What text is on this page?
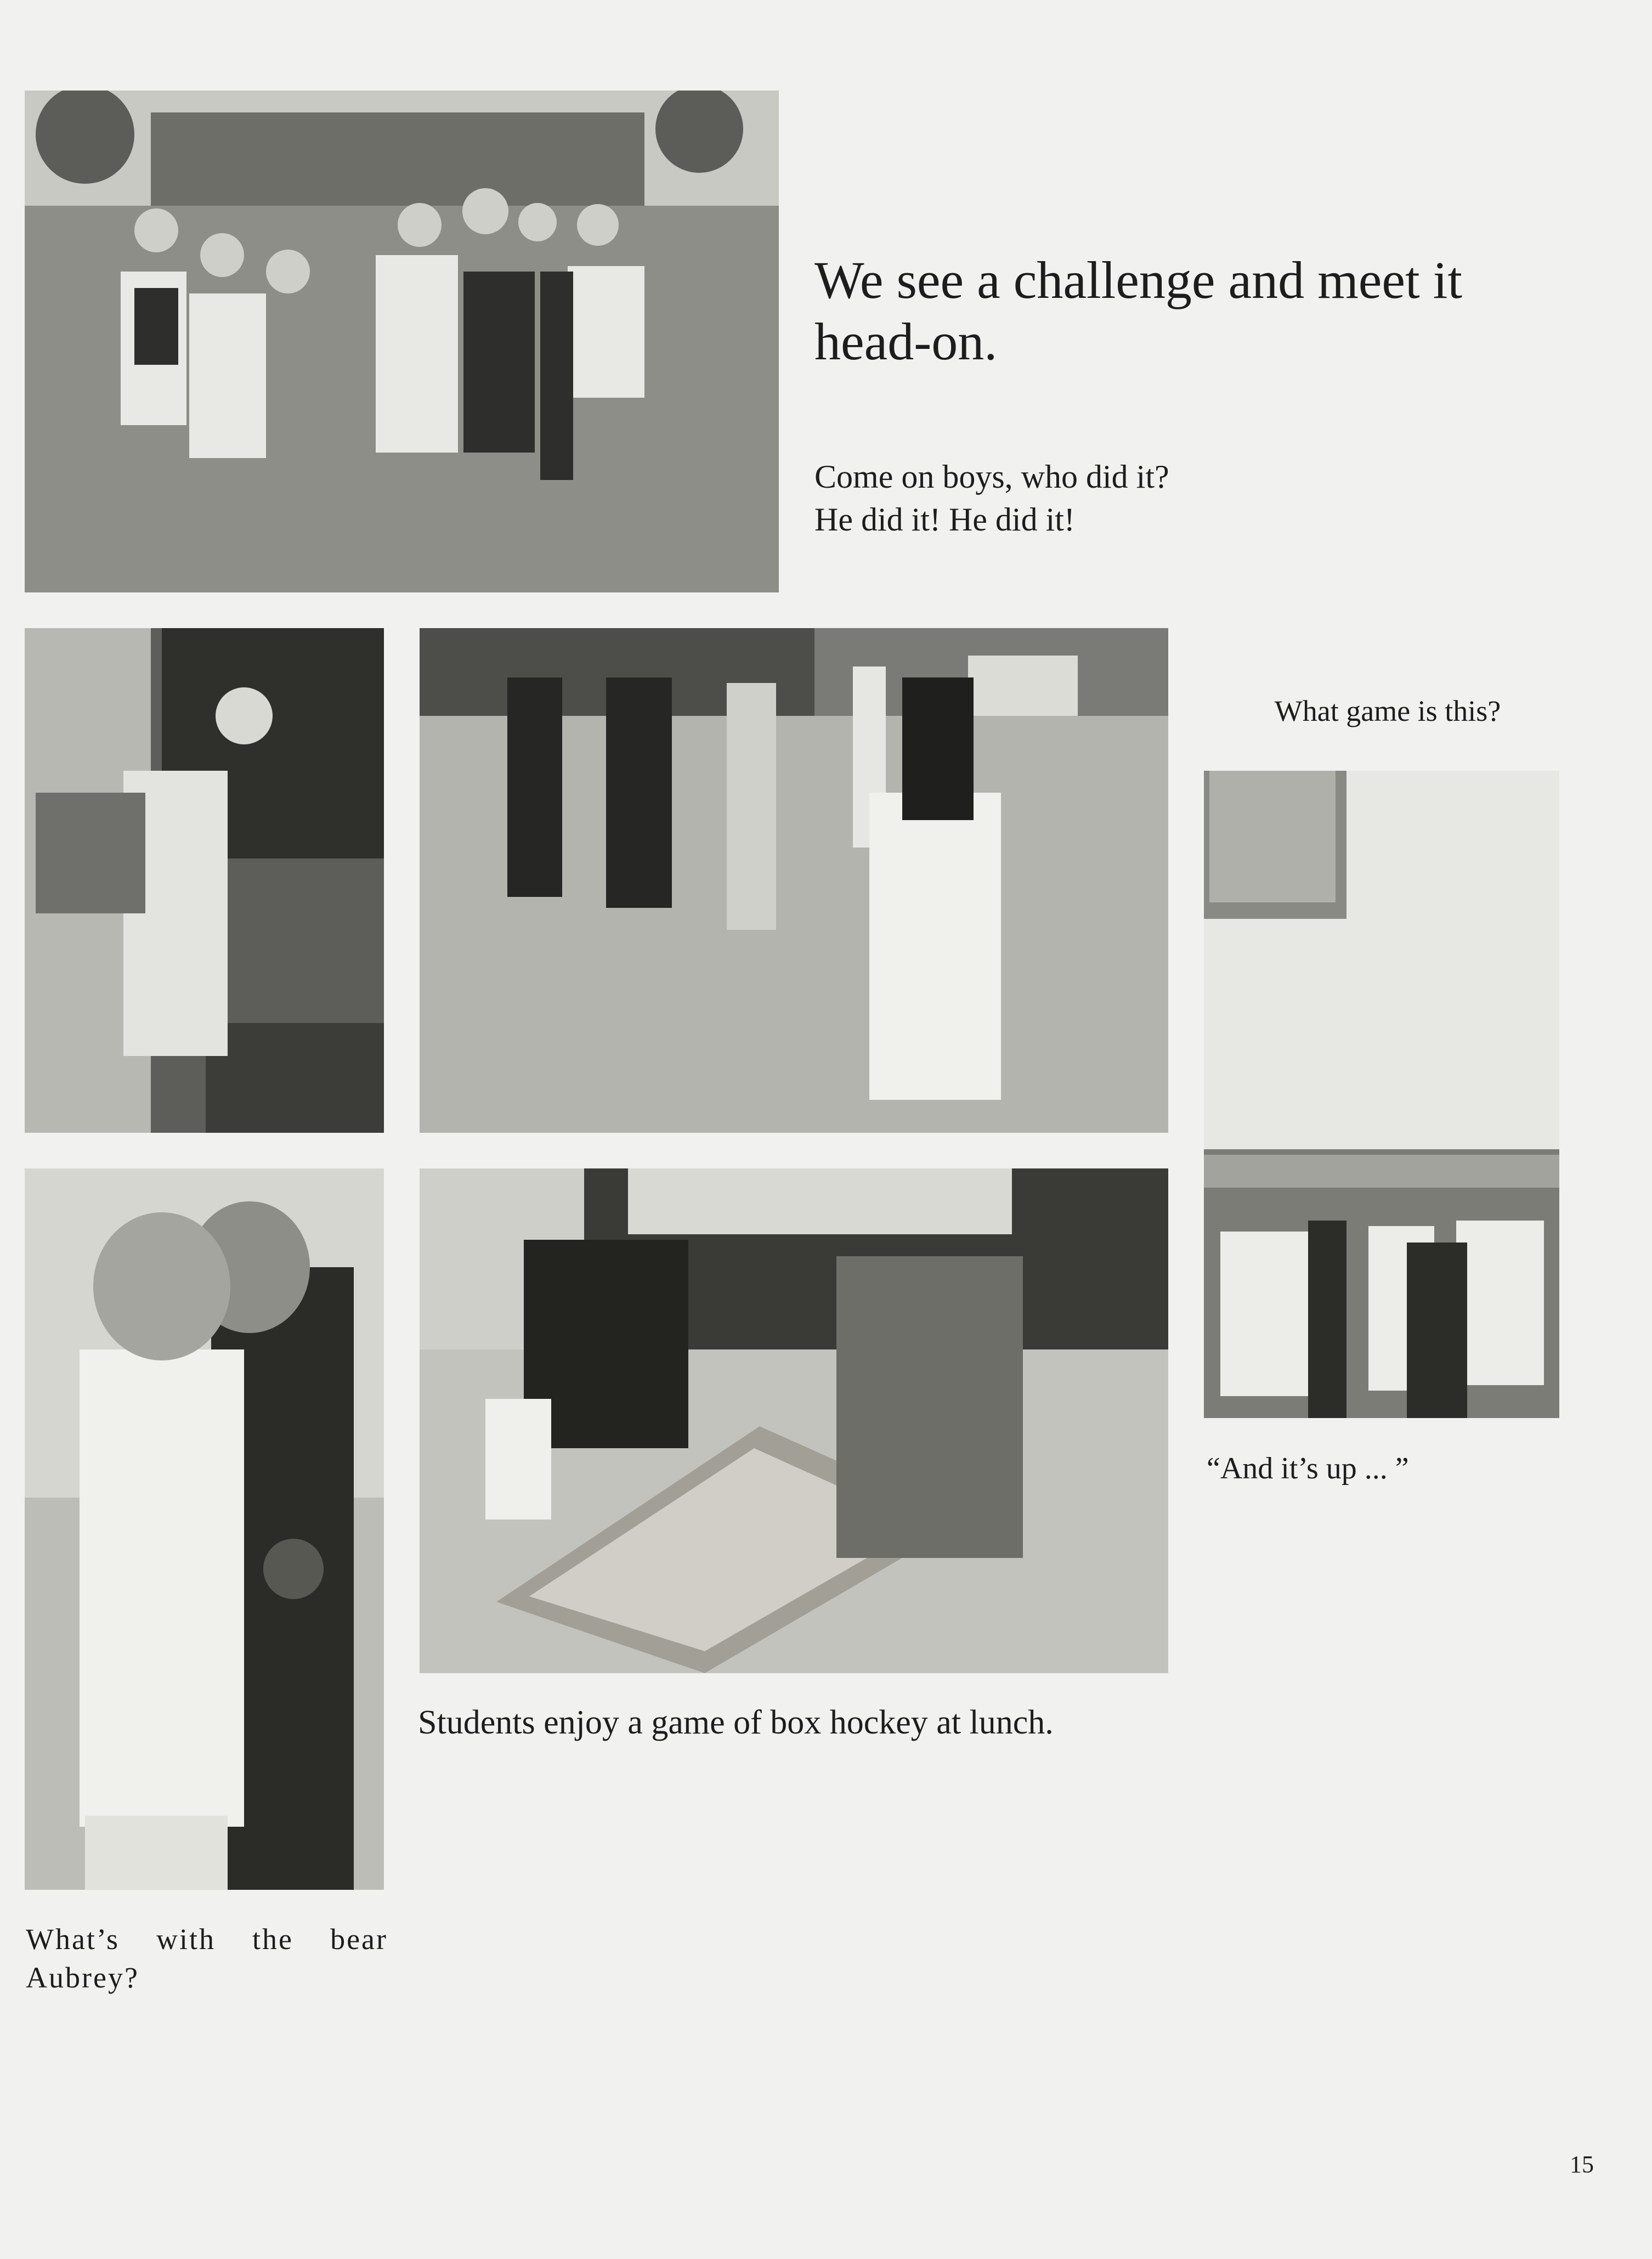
We see a challenge and meet it head-on.
Come on boys, who did it?
He did it! He did it!
What game is this?
“And it’s up ... ”
Students enjoy a game of box hockey at lunch.
What’s with the bear Aubrey?
15
